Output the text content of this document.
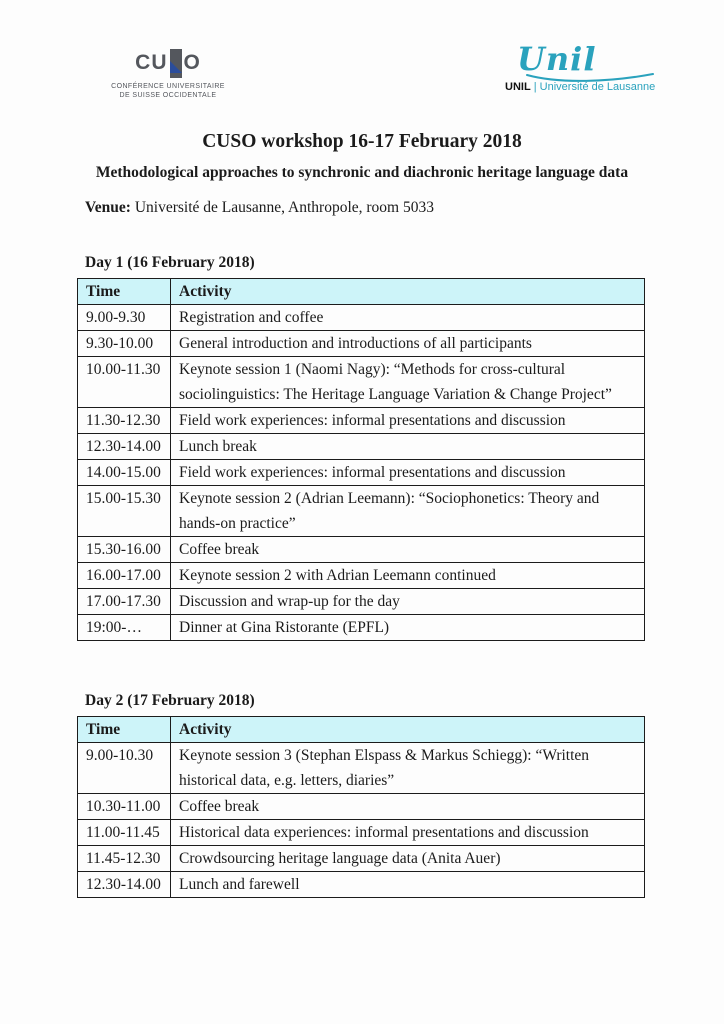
CU O
CONFÉRENCE UNIVERSITAIRE
DE SUISSE OCCIDENTALE
Unil
UNIL | Université de Lausanne
CUSO workshop 16-17 February 2018
Methodological approaches to synchronic and diachronic heritage language data
Venue: Université de Lausanne, Anthropole, room 5033
Day 1 (16 February 2018)
Time	Activity
9.00-9.30	Registration and coffee
9.30-10.00	General introduction and introductions of all participants
10.00-11.30	Keynote session 1 (Naomi Nagy): “Methods for cross-cultural sociolinguistics: The Heritage Language Variation & Change Project”
11.30-12.30	Field work experiences: informal presentations and discussion
12.30-14.00	Lunch break
14.00-15.00	Field work experiences: informal presentations and discussion
15.00-15.30	Keynote session 2 (Adrian Leemann): “Sociophonetics: Theory and hands-on practice”
15.30-16.00	Coffee break
16.00-17.00	Keynote session 2 with Adrian Leemann continued
17.00-17.30	Discussion and wrap-up for the day
19:00-…	Dinner at Gina Ristorante (EPFL)
Day 2 (17 February 2018)
Time	Activity
9.00-10.30	Keynote session 3 (Stephan Elspass & Markus Schiegg): “Written historical data, e.g. letters, diaries”
10.30-11.00	Coffee break
11.00-11.45	Historical data experiences: informal presentations and discussion
11.45-12.30	Crowdsourcing heritage language data (Anita Auer)
12.30-14.00	Lunch and farewell
